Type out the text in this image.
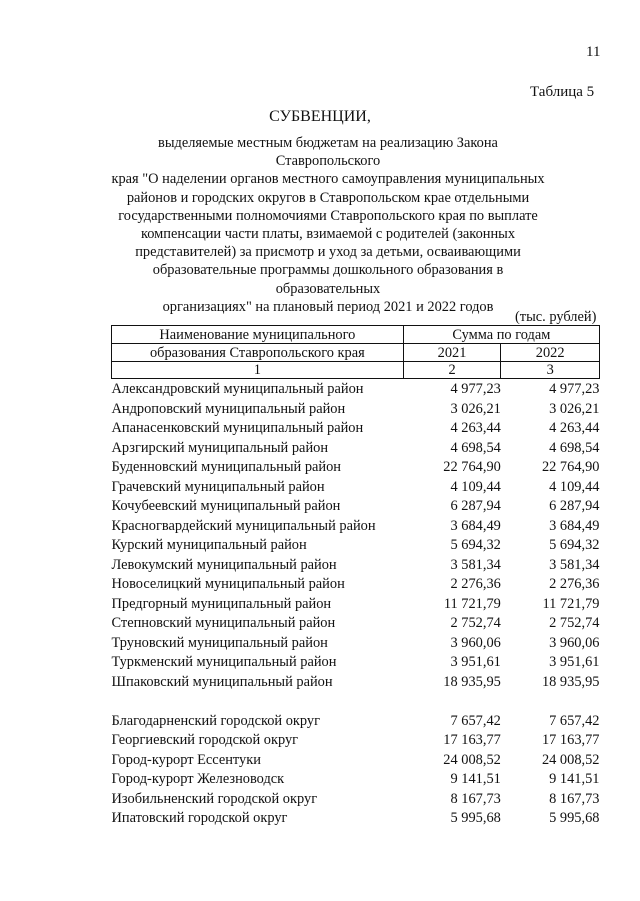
11
Таблица 5
СУБВЕНЦИИ,
выделяемые местным бюджетам на реализацию Закона Ставропольского
края "О наделении органов местного самоуправления муниципальных
районов и городских округов в Ставропольском крае отдельными
государственными полномочиями Ставропольского края по выплате
компенсации части платы, взимаемой с родителей (законных
представителей) за присмотр и уход за детьми, осваивающими
образовательные программы дошкольного образования в образовательных
организациях" на плановый период 2021 и 2022 годов
(тыс. рублей)
Наименование муниципального	Сумма по годам	
образования Ставропольского края	2021	2022
1	2	3
Александровский муниципальный район	4 977,23	4 977,23
Андроповский муниципальный район	3 026,21	3 026,21
Апанасенковский муниципальный район	4 263,44	4 263,44
Арзгирский муниципальный район	4 698,54	4 698,54
Буденновский муниципальный район	22 764,90	22 764,90
Грачевский муниципальный район	4 109,44	4 109,44
Кочубеевский муниципальный район	6 287,94	6 287,94
Красногвардейский муниципальный район	3 684,49	3 684,49
Курский муниципальный район	5 694,32	5 694,32
Левокумский муниципальный район	3 581,34	3 581,34
Новоселицкий муниципальный район	2 276,36	2 276,36
Предгорный муниципальный район	11 721,79	11 721,79
Степновский муниципальный район	2 752,74	2 752,74
Труновский муниципальный район	3 960,06	3 960,06
Туркменский муниципальный район	3 951,61	3 951,61
Шпаковский муниципальный район	18 935,95	18 935,95

Благодарненский городской округ	7 657,42	7 657,42
Георгиевский городской округ	17 163,77	17 163,77
Город-курорт Ессентуки	24 008,52	24 008,52
Город-курорт Железноводск	9 141,51	9 141,51
Изобильненский городской округ	8 167,73	8 167,73
Ипатовский городской округ	5 995,68	5 995,68
